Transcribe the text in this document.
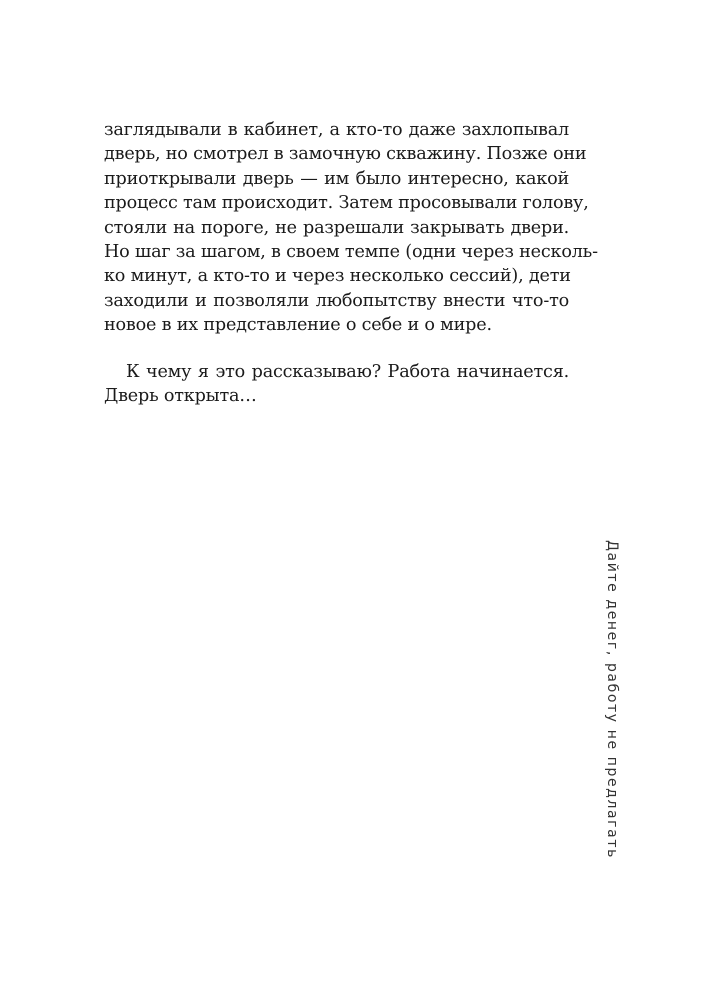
заглядывали в кабинет, а кто-то даже захлопывал
дверь, но смотрел в замочную скважину. Позже они
приоткрывали дверь — им было интересно, какой
процесс там происходит. Затем просовывали голову,
стояли на пороге, не разрешали закрывать двери.
Но шаг за шагом, в своем темпе (одни через несколь-
ко минут, а кто-то и через несколько сессий), дети
заходили и позволяли любопытству внести что-то
новое в их представление о себе и о мире.

К чему я это рассказываю? Работа начинается.
Дверь открыта…

Дайте денег, работу не предлагать
